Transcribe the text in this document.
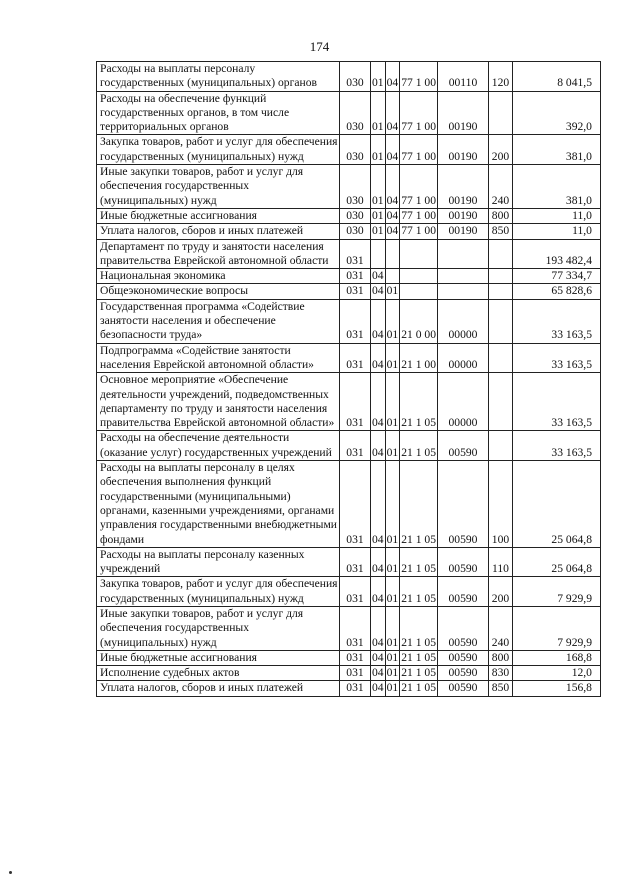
174
Расходы на выплаты персоналу государственных (муниципальных) органов	030	01	04	77 1 00	00110	120	8 041,5
Расходы на обеспечение функций государственных органов, в том числе территориальных органов	030	01	04	77 1 00	00190		392,0
Закупка товаров, работ и услуг для обеспечения государственных (муниципальных) нужд	030	01	04	77 1 00	00190	200	381,0
Иные закупки товаров, работ и услуг для обеспечения государственных (муниципальных) нужд	030	01	04	77 1 00	00190	240	381,0
Иные бюджетные ассигнования	030	01	04	77 1 00	00190	800	11,0
Уплата налогов, сборов и иных платежей	030	01	04	77 1 00	00190	850	11,0
Департамент по труду и занятости населения правительства Еврейской автономной области	031						193 482,4
Национальная экономика	031	04					77 334,7
Общеэкономические вопросы	031	04	01				65 828,6
Государственная программа «Содействие занятости населения и обеспечение безопасности труда»	031	04	01	21 0 00	00000		33 163,5
Подпрограмма «Содействие занятости населения Еврейской автономной области»	031	04	01	21 1 00	00000		33 163,5
Основное мероприятие «Обеспечение деятельности учреждений, подведомственных департаменту по труду и занятости населения правительства Еврейской автономной области»	031	04	01	21 1 05	00000		33 163,5
Расходы на обеспечение деятельности (оказание услуг) государственных учреждений	031	04	01	21 1 05	00590		33 163,5
Расходы на выплаты персоналу в целях обеспечения выполнения функций государственными (муниципальными) органами, казенными учреждениями, органами управления государственными внебюджетными фондами	031	04	01	21 1 05	00590	100	25 064,8
Расходы на выплаты персоналу казенных учреждений	031	04	01	21 1 05	00590	110	25 064,8
Закупка товаров, работ и услуг для обеспечения государственных (муниципальных) нужд	031	04	01	21 1 05	00590	200	7 929,9
Иные закупки товаров, работ и услуг для обеспечения государственных (муниципальных) нужд	031	04	01	21 1 05	00590	240	7 929,9
Иные бюджетные ассигнования	031	04	01	21 1 05	00590	800	168,8
Исполнение судебных актов	031	04	01	21 1 05	00590	830	12,0
Уплата налогов, сборов и иных платежей	031	04	01	21 1 05	00590	850	156,8
